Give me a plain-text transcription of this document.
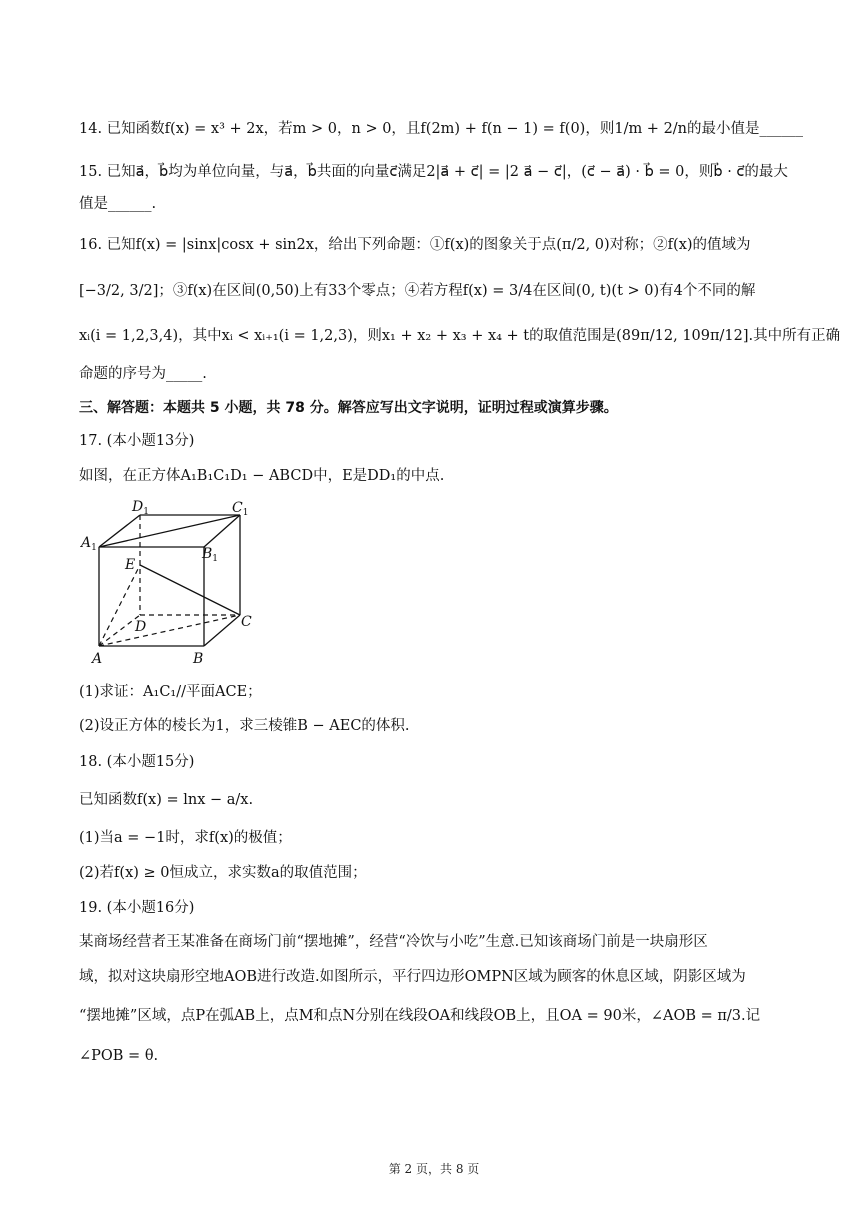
14. 已知函数f(x) = x³ + 2x，若m > 0，n > 0，且f(2m) + f(n − 1) = f(0)，则1/m + 2/n的最小值是______
15. 已知a⃗，b⃗均为单位向量，与a⃗，b⃗共面的向量c⃗满足2|a⃗ + c⃗| = |2 a⃗ − c⃗|，(c⃗ − a⃗) · b⃗ = 0，则b⃗ · c⃗的最大
值是______.
16. 已知f(x) = |sinx|cosx + sin2x，给出下列命题：①f(x)的图象关于点(π/2, 0)对称；②f(x)的值域为
[−3/2, 3/2]；③f(x)在区间(0,50)上有33个零点；④若方程f(x) = 3/4在区间(0, t)(t > 0)有4个不同的解
xᵢ(i = 1,2,3,4)，其中xᵢ < xᵢ₊₁(i = 1,2,3)，则x₁ + x₂ + x₃ + x₄ + t的取值范围是(89π/12, 109π/12].其中所有正确
命题的序号为_____.
三、解答题：本题共 5 小题，共 78 分。解答应写出文字说明，证明过程或演算步骤。
17. (本小题13分)
如图，在正方体A₁B₁C₁D₁ − ABCD中，E是DD₁的中点.
$D_1$	$C_1$
$A_1$	$B_1$
E
D	C
A	B
(1)求证：A₁C₁//平面ACE；
(2)设正方体的棱长为1，求三棱锥B − AEC的体积.
18. (本小题15分)
已知函数f(x) = lnx − a/x.
(1)当a = −1时，求f(x)的极值；
(2)若f(x) ≥ 0恒成立，求实数a的取值范围；
19. (本小题16分)
某商场经营者王某准备在商场门前“摆地摊”，经营“冷饮与小吃”生意.已知该商场门前是一块扇形区
域，拟对这块扇形空地AOB进行改造.如图所示，平行四边形OMPN区域为顾客的休息区域，阴影区域为
“摆地摊”区域，点P在弧AB上，点M和点N分别在线段OA和线段OB上，且OA = 90米，∠AOB = π/3.记
∠POB = θ.
第 2 页，共 8 页
